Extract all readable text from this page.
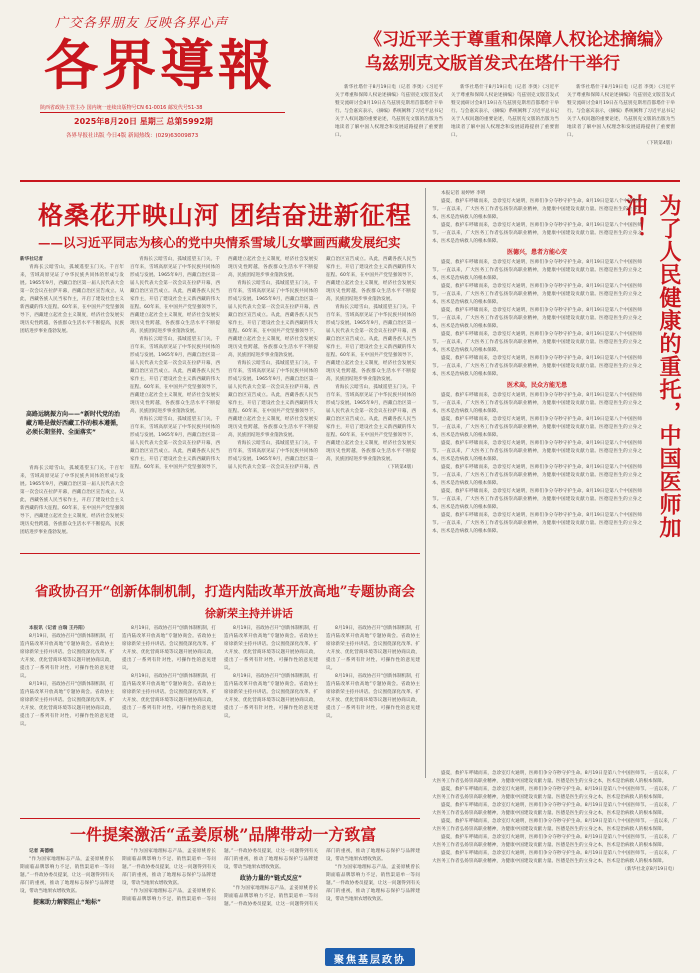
广交各界朋友 反映各界心声
各界導報
陕西省政协主管主办 国内统一连续出版物号CN 61-0016 邮发代号51-38
2025年8月20日 星期三 总第5992期
各界导报社出版 今日4版 新闻热线：(029)63009873
《习近平关于尊重和保障人权论述摘编》乌兹别克文版首发式在塔什干举行

新华社塔什干8月19日电（记者 李奥）《习近平关于尊重和保障人权论述摘编》乌兹别克文版首发式暨交流研讨会8月19日在乌兹别克斯坦首都塔什干举行。与会嘉宾表示，《摘编》系统阐释了习近平总书记关于人权问题的重要论述，乌兹别克文版的出版为当地读者了解中国人权理念和发展道路提供了重要窗口。

新华社塔什干8月19日电（记者 李奥）《习近平关于尊重和保障人权论述摘编》乌兹别克文版首发式暨交流研讨会8月19日在乌兹别克斯坦首都塔什干举行。与会嘉宾表示，《摘编》系统阐释了习近平总书记关于人权问题的重要论述，乌兹别克文版的出版为当地读者了解中国人权理念和发展道路提供了重要窗口。

新华社塔什干8月19日电（记者 李奥）《习近平关于尊重和保障人权论述摘编》乌兹别克文版首发式暨交流研讨会8月19日在乌兹别克斯坦首都塔什干举行。与会嘉宾表示，《摘编》系统阐释了习近平总书记关于人权问题的重要论述，乌兹别克文版的出版为当地读者了解中国人权理念和发展道路提供了重要窗口。

（下转第4版）

格桑花开映山河 团结奋进新征程
——以习近平同志为核心的党中央情系雪域儿女擘画西藏发展纪实

新华社记者

青海长云暗雪山，孤城遥望玉门关。千百年来，雪域高原见证了中华民族共同体的形成与发展。1965年9月，西藏自治区第一届人民代表大会第一次会议在拉萨开幕，西藏自治区宣告成立。从此，西藏各族人民当家作主，开启了建设社会主义新西藏的伟大征程。60年来，在中国共产党坚强领导下，西藏建立起社会主义制度，经济社会发展实现历史性跨越，各族群众生活水平不断提高，民族团结进步事业蓬勃发展。

高路远眺振方向——“新时代党的治藏方略是做好西藏工作的根本遵循，必须长期坚持、全面落实”

青海长云暗雪山，孤城遥望玉门关。千百年来，雪域高原见证了中华民族共同体的形成与发展。1965年9月，西藏自治区第一届人民代表大会第一次会议在拉萨开幕，西藏自治区宣告成立。从此，西藏各族人民当家作主，开启了建设社会主义新西藏的伟大征程。60年来，在中国共产党坚强领导下，西藏建立起社会主义制度，经济社会发展实现历史性跨越，各族群众生活水平不断提高，民族团结进步事业蓬勃发展。

青海长云暗雪山，孤城遥望玉门关。千百年来，雪域高原见证了中华民族共同体的形成与发展。1965年9月，西藏自治区第一届人民代表大会第一次会议在拉萨开幕，西藏自治区宣告成立。从此，西藏各族人民当家作主，开启了建设社会主义新西藏的伟大征程。60年来，在中国共产党坚强领导下，西藏建立起社会主义制度，经济社会发展实现历史性跨越，各族群众生活水平不断提高，民族团结进步事业蓬勃发展。

青海长云暗雪山，孤城遥望玉门关。千百年来，雪域高原见证了中华民族共同体的形成与发展。1965年9月，西藏自治区第一届人民代表大会第一次会议在拉萨开幕，西藏自治区宣告成立。从此，西藏各族人民当家作主，开启了建设社会主义新西藏的伟大征程。60年来，在中国共产党坚强领导下，西藏建立起社会主义制度，经济社会发展实现历史性跨越，各族群众生活水平不断提高，民族团结进步事业蓬勃发展。

青海长云暗雪山，孤城遥望玉门关。千百年来，雪域高原见证了中华民族共同体的形成与发展。1965年9月，西藏自治区第一届人民代表大会第一次会议在拉萨开幕，西藏自治区宣告成立。从此，西藏各族人民当家作主，开启了建设社会主义新西藏的伟大征程。60年来，在中国共产党坚强领导下，西藏建立起社会主义制度，经济社会发展实现历史性跨越，各族群众生活水平不断提高，民族团结进步事业蓬勃发展。

青海长云暗雪山，孤城遥望玉门关。千百年来，雪域高原见证了中华民族共同体的形成与发展。1965年9月，西藏自治区第一届人民代表大会第一次会议在拉萨开幕，西藏自治区宣告成立。从此，西藏各族人民当家作主，开启了建设社会主义新西藏的伟大征程。60年来，在中国共产党坚强领导下，西藏建立起社会主义制度，经济社会发展实现历史性跨越，各族群众生活水平不断提高，民族团结进步事业蓬勃发展。

青海长云暗雪山，孤城遥望玉门关。千百年来，雪域高原见证了中华民族共同体的形成与发展。1965年9月，西藏自治区第一届人民代表大会第一次会议在拉萨开幕，西藏自治区宣告成立。从此，西藏各族人民当家作主，开启了建设社会主义新西藏的伟大征程。60年来，在中国共产党坚强领导下，西藏建立起社会主义制度，经济社会发展实现历史性跨越，各族群众生活水平不断提高，民族团结进步事业蓬勃发展。

青海长云暗雪山，孤城遥望玉门关。千百年来，雪域高原见证了中华民族共同体的形成与发展。1965年9月，西藏自治区第一届人民代表大会第一次会议在拉萨开幕，西藏自治区宣告成立。从此，西藏各族人民当家作主，开启了建设社会主义新西藏的伟大征程。60年来，在中国共产党坚强领导下，西藏建立起社会主义制度，经济社会发展实现历史性跨越，各族群众生活水平不断提高，民族团结进步事业蓬勃发展。

青海长云暗雪山，孤城遥望玉门关。千百年来，雪域高原见证了中华民族共同体的形成与发展。1965年9月，西藏自治区第一届人民代表大会第一次会议在拉萨开幕，西藏自治区宣告成立。从此，西藏各族人民当家作主，开启了建设社会主义新西藏的伟大征程。60年来，在中国共产党坚强领导下，西藏建立起社会主义制度，经济社会发展实现历史性跨越，各族群众生活水平不断提高，民族团结进步事业蓬勃发展。

青海长云暗雪山，孤城遥望玉门关。千百年来，雪域高原见证了中华民族共同体的形成与发展。1965年9月，西藏自治区第一届人民代表大会第一次会议在拉萨开幕，西藏自治区宣告成立。从此，西藏各族人民当家作主，开启了建设社会主义新西藏的伟大征程。60年来，在中国共产党坚强领导下，西藏建立起社会主义制度，经济社会发展实现历史性跨越，各族群众生活水平不断提高，民族团结进步事业蓬勃发展。

（下转第4版）	为了人民健康的重托，中国医师加油！

本报记者 易婷婷 李明

盛夏，救护车呼啸而来，急诊室灯火通明，医师们争分夺秒守护生命。8月19日是第八个中国医师节。一直以来，广大医务工作者弘扬崇高职业精神，为健康中国建设贡献力量。医德是医生的立身之本，医术是治病救人的根本保障。

盛夏，救护车呼啸而来，急诊室灯火通明，医师们争分夺秒守护生命。8月19日是第八个中国医师节。一直以来，广大医务工作者弘扬崇高职业精神，为健康中国建设贡献力量。医德是医生的立身之本，医术是治病救人的根本保障。

医德兴，患者方能心安

盛夏，救护车呼啸而来，急诊室灯火通明，医师们争分夺秒守护生命。8月19日是第八个中国医师节。一直以来，广大医务工作者弘扬崇高职业精神，为健康中国建设贡献力量。医德是医生的立身之本，医术是治病救人的根本保障。

盛夏，救护车呼啸而来，急诊室灯火通明，医师们争分夺秒守护生命。8月19日是第八个中国医师节。一直以来，广大医务工作者弘扬崇高职业精神，为健康中国建设贡献力量。医德是医生的立身之本，医术是治病救人的根本保障。

盛夏，救护车呼啸而来，急诊室灯火通明，医师们争分夺秒守护生命。8月19日是第八个中国医师节。一直以来，广大医务工作者弘扬崇高职业精神，为健康中国建设贡献力量。医德是医生的立身之本，医术是治病救人的根本保障。

盛夏，救护车呼啸而来，急诊室灯火通明，医师们争分夺秒守护生命。8月19日是第八个中国医师节。一直以来，广大医务工作者弘扬崇高职业精神，为健康中国建设贡献力量。医德是医生的立身之本，医术是治病救人的根本保障。

盛夏，救护车呼啸而来，急诊室灯火通明，医师们争分夺秒守护生命。8月19日是第八个中国医师节。一直以来，广大医务工作者弘扬崇高职业精神，为健康中国建设贡献力量。医德是医生的立身之本，医术是治病救人的根本保障。

医术高，民众方能无患

盛夏，救护车呼啸而来，急诊室灯火通明，医师们争分夺秒守护生命。8月19日是第八个中国医师节。一直以来，广大医务工作者弘扬崇高职业精神，为健康中国建设贡献力量。医德是医生的立身之本，医术是治病救人的根本保障。

盛夏，救护车呼啸而来，急诊室灯火通明，医师们争分夺秒守护生命。8月19日是第八个中国医师节。一直以来，广大医务工作者弘扬崇高职业精神，为健康中国建设贡献力量。医德是医生的立身之本，医术是治病救人的根本保障。

盛夏，救护车呼啸而来，急诊室灯火通明，医师们争分夺秒守护生命。8月19日是第八个中国医师节。一直以来，广大医务工作者弘扬崇高职业精神，为健康中国建设贡献力量。医德是医生的立身之本，医术是治病救人的根本保障。

盛夏，救护车呼啸而来，急诊室灯火通明，医师们争分夺秒守护生命。8月19日是第八个中国医师节。一直以来，广大医务工作者弘扬崇高职业精神，为健康中国建设贡献力量。医德是医生的立身之本，医术是治病救人的根本保障。

盛夏，救护车呼啸而来，急诊室灯火通明，医师们争分夺秒守护生命。8月19日是第八个中国医师节。一直以来，广大医务工作者弘扬崇高职业精神，为健康中国建设贡献力量。医德是医生的立身之本，医术是治病救人的根本保障。

盛夏，救护车呼啸而来，急诊室灯火通明，医师们争分夺秒守护生命。8月19日是第八个中国医师节。一直以来，广大医务工作者弘扬崇高职业精神，为健康中国建设贡献力量。医德是医生的立身之本，医术是治病救人的根本保障。

盛夏，救护车呼啸而来，急诊室灯火通明，医师们争分夺秒守护生命。8月19日是第八个中国医师节。一直以来，广大医务工作者弘扬崇高职业精神，为健康中国建设贡献力量。医德是医生的立身之本，医术是治病救人的根本保障。

盛夏，救护车呼啸而来，急诊室灯火通明，医师们争分夺秒守护生命。8月19日是第八个中国医师节。一直以来，广大医务工作者弘扬崇高职业精神，为健康中国建设贡献力量。医德是医生的立身之本，医术是治病救人的根本保障。

盛夏，救护车呼啸而来，急诊室灯火通明，医师们争分夺秒守护生命。8月19日是第八个中国医师节。一直以来，广大医务工作者弘扬崇高职业精神，为健康中国建设贡献力量。医德是医生的立身之本，医术是治病救人的根本保障。

盛夏，救护车呼啸而来，急诊室灯火通明，医师们争分夺秒守护生命。8月19日是第八个中国医师节。一直以来，广大医务工作者弘扬崇高职业精神，为健康中国建设贡献力量。医德是医生的立身之本，医术是治病救人的根本保障。

盛夏，救护车呼啸而来，急诊室灯火通明，医师们争分夺秒守护生命。8月19日是第八个中国医师节。一直以来，广大医务工作者弘扬崇高职业精神，为健康中国建设贡献力量。医德是医生的立身之本，医术是治病救人的根本保障。

盛夏，救护车呼啸而来，急诊室灯火通明，医师们争分夺秒守护生命。8月19日是第八个中国医师节。一直以来，广大医务工作者弘扬崇高职业精神，为健康中国建设贡献力量。医德是医生的立身之本，医术是治病救人的根本保障。

（新华社北京8月19日电）

省政协召开“创新体制机制，打造内陆改革开放高地”专题协商会
徐新荣主持并讲话

本报讯（记者 白瑞 王丹阳）

8月19日，省政协召开“创新体制机制，打造内陆改革开放高地”专题协商会。省政协主席徐新荣主持并讲话。会议围绕深化改革、扩大开放、优化营商环境等议题开展协商议政，提出了一系列有针对性、可操作性的意见建议。

8月19日，省政协召开“创新体制机制，打造内陆改革开放高地”专题协商会。省政协主席徐新荣主持并讲话。会议围绕深化改革、扩大开放、优化营商环境等议题开展协商议政，提出了一系列有针对性、可操作性的意见建议。

8月19日，省政协召开“创新体制机制，打造内陆改革开放高地”专题协商会。省政协主席徐新荣主持并讲话。会议围绕深化改革、扩大开放、优化营商环境等议题开展协商议政，提出了一系列有针对性、可操作性的意见建议。

8月19日，省政协召开“创新体制机制，打造内陆改革开放高地”专题协商会。省政协主席徐新荣主持并讲话。会议围绕深化改革、扩大开放、优化营商环境等议题开展协商议政，提出了一系列有针对性、可操作性的意见建议。

8月19日，省政协召开“创新体制机制，打造内陆改革开放高地”专题协商会。省政协主席徐新荣主持并讲话。会议围绕深化改革、扩大开放、优化营商环境等议题开展协商议政，提出了一系列有针对性、可操作性的意见建议。

8月19日，省政协召开“创新体制机制，打造内陆改革开放高地”专题协商会。省政协主席徐新荣主持并讲话。会议围绕深化改革、扩大开放、优化营商环境等议题开展协商议政，提出了一系列有针对性、可操作性的意见建议。

8月19日，省政协召开“创新体制机制，打造内陆改革开放高地”专题协商会。省政协主席徐新荣主持并讲话。会议围绕深化改革、扩大开放、优化营商环境等议题开展协商议政，提出了一系列有针对性、可操作性的意见建议。

8月19日，省政协召开“创新体制机制，打造内陆改革开放高地”专题协商会。省政协主席徐新荣主持并讲话。会议围绕深化改革、扩大开放、优化营商环境等议题开展协商议政，提出了一系列有针对性、可操作性的意见建议。

一件提案激活“孟姜原桃”品牌带动一方致富

记者 高德维

“作为国家地理标志产品，孟姜原桃曾长期面临品牌影响力不足、销售渠道单一等问题。”一件政协委员提案，让这一问题得到有关部门的重视，推动了地理标志保护与品牌建设，带动当地果农增收致富。

提案助力解锁阻止“地标”

“作为国家地理标志产品，孟姜原桃曾长期面临品牌影响力不足、销售渠道单一等问题。”一件政协委员提案，让这一问题得到有关部门的重视，推动了地理标志保护与品牌建设，带动当地果农增收致富。

“作为国家地理标志产品，孟姜原桃曾长期面临品牌影响力不足、销售渠道单一等问题。”一件政协委员提案，让这一问题得到有关部门的重视，推动了地理标志保护与品牌建设，带动当地果农增收致富。

政协力量的“链式反应”

“作为国家地理标志产品，孟姜原桃曾长期面临品牌影响力不足、销售渠道单一等问题。”一件政协委员提案，让这一问题得到有关部门的重视，推动了地理标志保护与品牌建设，带动当地果农增收致富。

“作为国家地理标志产品，孟姜原桃曾长期面临品牌影响力不足、销售渠道单一等问题。”一件政协委员提案，让这一问题得到有关部门的重视，推动了地理标志保护与品牌建设，带动当地果农增收致富。

聚焦基层政协
